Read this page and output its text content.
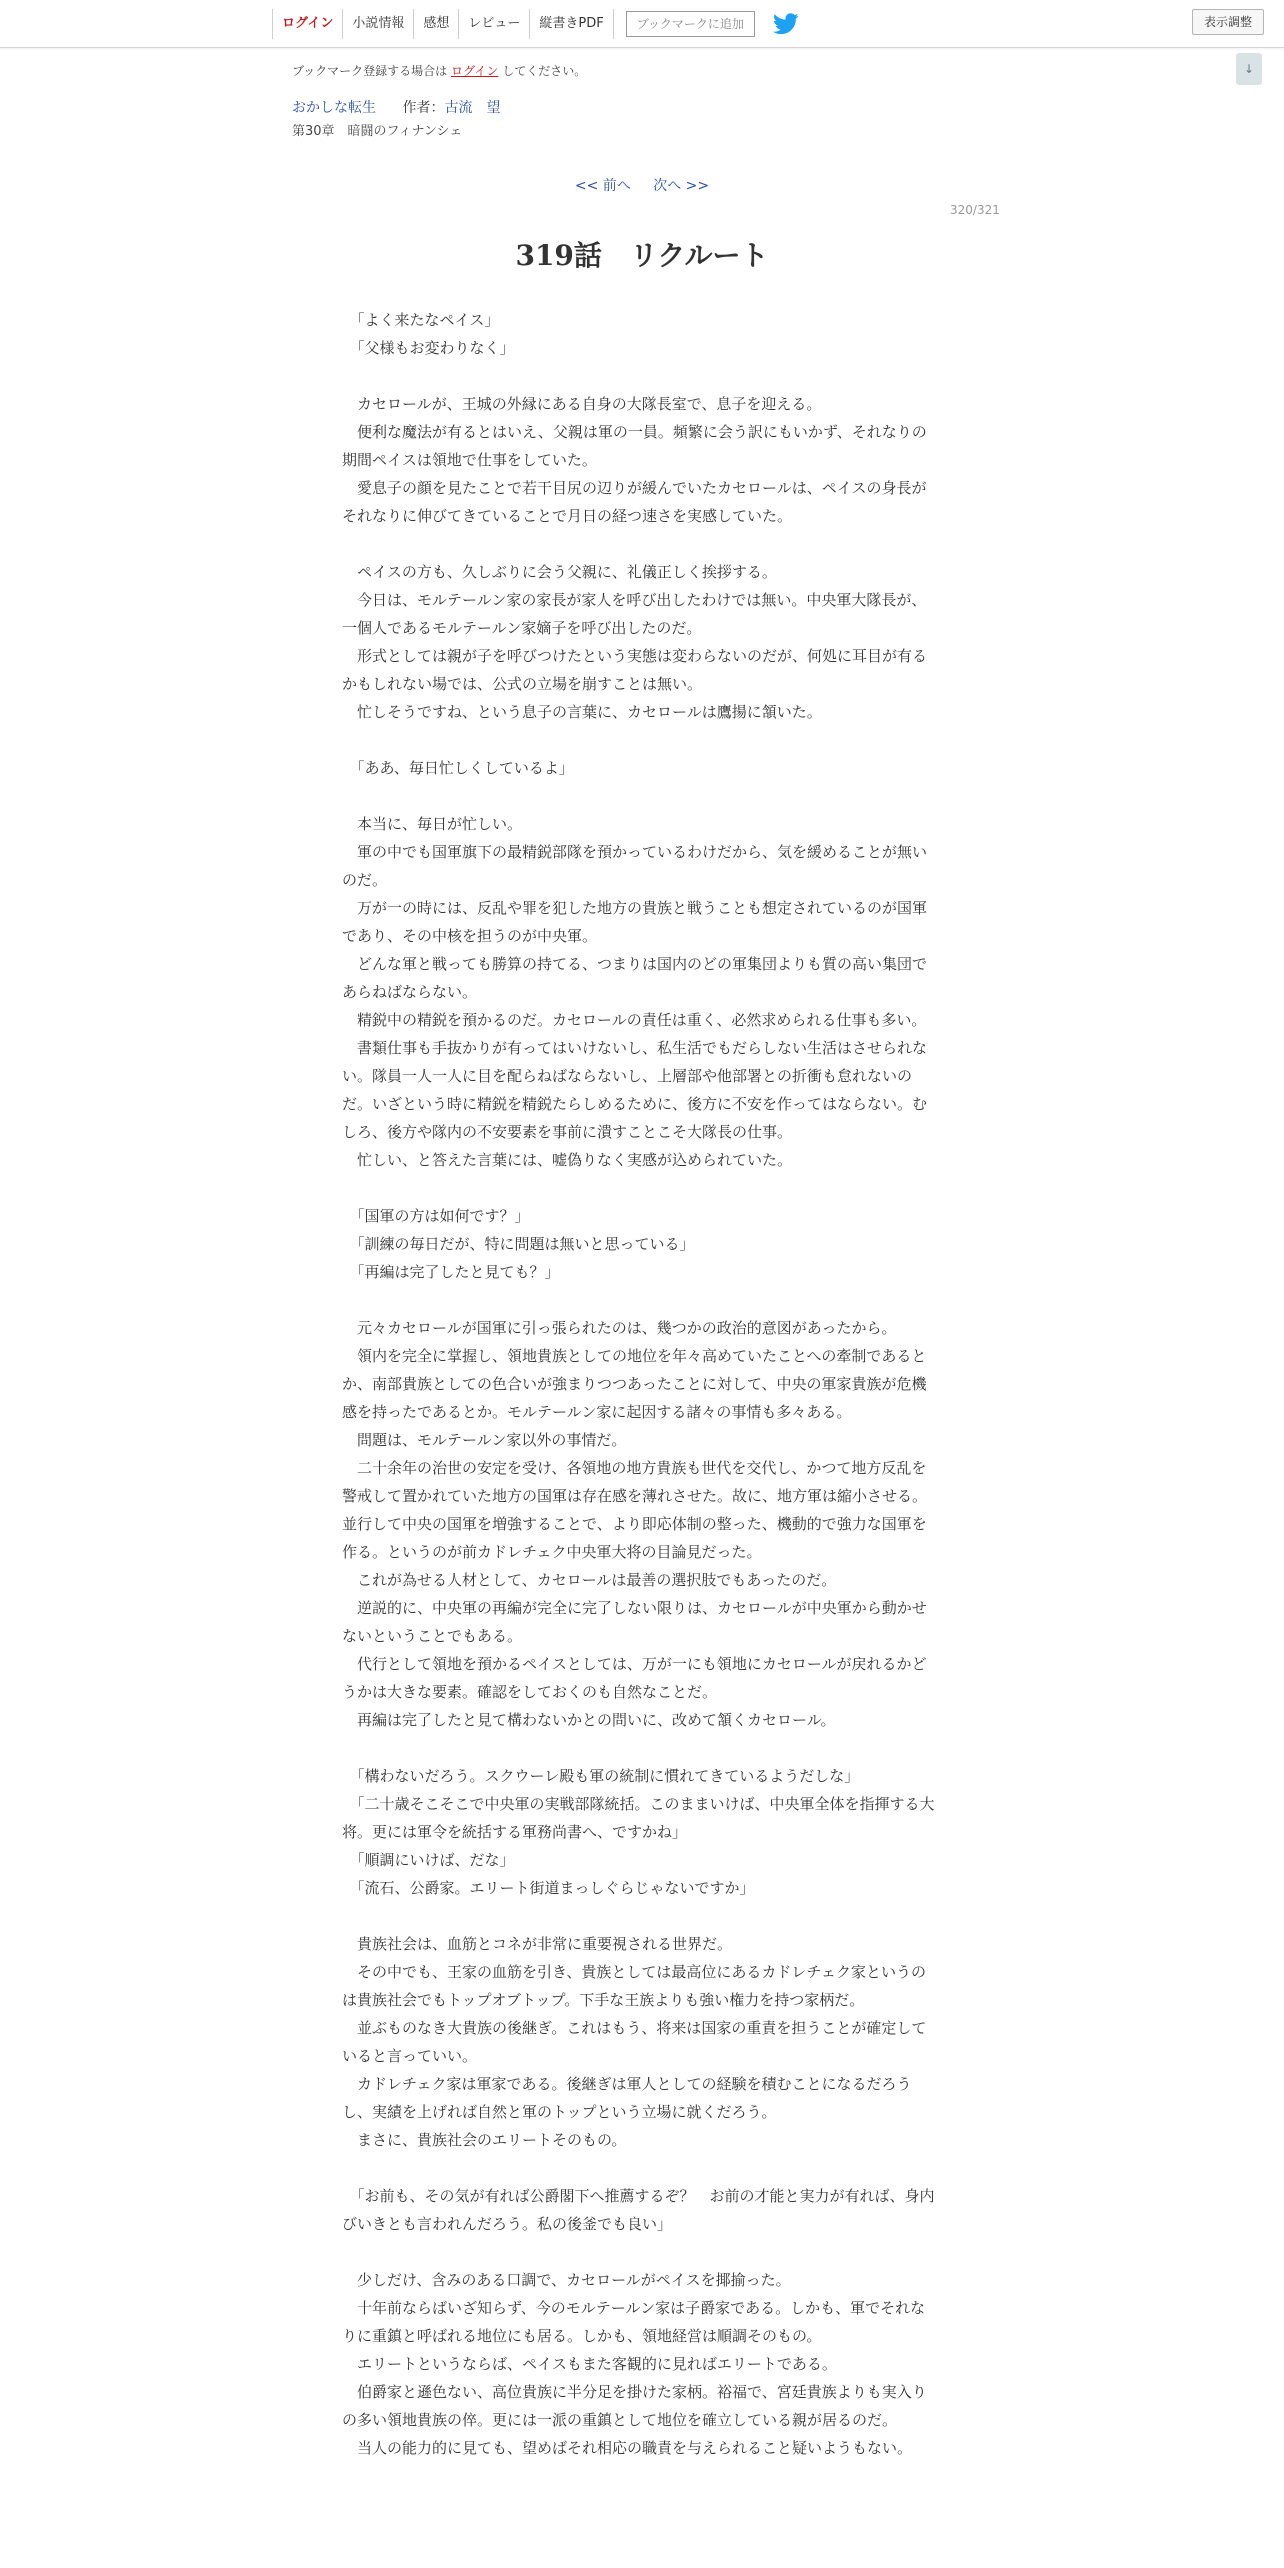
ログイン	小説情報	感想	レビュー	縦書きPDF	ブックマークに追加	表示調整
↓
ブックマーク登録する場合は ログイン してください。
おかしな転生 作者：古流　望
第30章　暗闘のフィナンシェ
<< 前へ 次へ >>
320/321
319話　リクルート

　「よく来たなペイス」

　「父様もお変わりなく」

　カセロールが、王城の外縁にある自身の大隊長室で、息子を迎える。

　便利な魔法が有るとはいえ、父親は軍の一員。頻繁に会う訳にもいかず、それなりの期間ペイスは領地で仕事をしていた。

　愛息子の顔を見たことで若干目尻の辺りが緩んでいたカセロールは、ペイスの身長がそれなりに伸びてきていることで月日の経つ速さを実感していた。

　ペイスの方も、久しぶりに会う父親に、礼儀正しく挨拶する。

　今日は、モルテールン家の家長が家人を呼び出したわけでは無い。中央軍大隊長が、一個人であるモルテールン家嫡子を呼び出したのだ。

　形式としては親が子を呼びつけたという実態は変わらないのだが、何処に耳目が有るかもしれない場では、公式の立場を崩すことは無い。

　忙しそうですね、という息子の言葉に、カセロールは鷹揚に頷いた。

　「ああ、毎日忙しくしているよ」

　本当に、毎日が忙しい。

　軍の中でも国軍旗下の最精鋭部隊を預かっているわけだから、気を緩めることが無いのだ。

　万が一の時には、反乱や罪を犯した地方の貴族と戦うことも想定されているのが国軍であり、その中核を担うのが中央軍。

　どんな軍と戦っても勝算の持てる、つまりは国内のどの軍集団よりも質の高い集団であらねばならない。

　精鋭中の精鋭を預かるのだ。カセロールの責任は重く、必然求められる仕事も多い。

　書類仕事も手抜かりが有ってはいけないし、私生活でもだらしない生活はさせられない。隊員一人一人に目を配らねばならないし、上層部や他部署との折衝も怠れないのだ。いざという時に精鋭を精鋭たらしめるために、後方に不安を作ってはならない。むしろ、後方や隊内の不安要素を事前に潰すことこそ大隊長の仕事。

　忙しい、と答えた言葉には、嘘偽りなく実感が込められていた。

　「国軍の方は如何です？」

　「訓練の毎日だが、特に問題は無いと思っている」

　「再編は完了したと見ても？」

　元々カセロールが国軍に引っ張られたのは、幾つかの政治的意図があったから。

　領内を完全に掌握し、領地貴族としての地位を年々高めていたことへの牽制であるとか、南部貴族としての色合いが強まりつつあったことに対して、中央の軍家貴族が危機感を持ったであるとか。モルテールン家に起因する諸々の事情も多々ある。

　問題は、モルテールン家以外の事情だ。

　二十余年の治世の安定を受け、各領地の地方貴族も世代を交代し、かつて地方反乱を警戒して置かれていた地方の国軍は存在感を薄れさせた。故に、地方軍は縮小させる。並行して中央の国軍を増強することで、より即応体制の整った、機動的で強力な国軍を作る。というのが前カドレチェク中央軍大将の目論見だった。

　これが為せる人材として、カセロールは最善の選択肢でもあったのだ。

　逆説的に、中央軍の再編が完全に完了しない限りは、カセロールが中央軍から動かせないということでもある。

　代行として領地を預かるペイスとしては、万が一にも領地にカセロールが戻れるかどうかは大きな要素。確認をしておくのも自然なことだ。

　再編は完了したと見て構わないかとの問いに、改めて頷くカセロール。

　「構わないだろう。スクウーレ殿も軍の統制に慣れてきているようだしな」

　「二十歳そこそこで中央軍の実戦部隊統括。このままいけば、中央軍全体を指揮する大将。更には軍令を統括する軍務尚書へ、ですかね」

　「順調にいけば、だな」

　「流石、公爵家。エリート街道まっしぐらじゃないですか」

　貴族社会は、血筋とコネが非常に重要視される世界だ。

　その中でも、王家の血筋を引き、貴族としては最高位にあるカドレチェク家というのは貴族社会でもトップオブトップ。下手な王族よりも強い権力を持つ家柄だ。

　並ぶものなき大貴族の後継ぎ。これはもう、将来は国家の重責を担うことが確定していると言っていい。

　カドレチェク家は軍家である。後継ぎは軍人としての経験を積むことになるだろうし、実績を上げれば自然と軍のトップという立場に就くだろう。

　まさに、貴族社会のエリートそのもの。

　「お前も、その気が有れば公爵閣下へ推薦するぞ？　お前の才能と実力が有れば、身内びいきとも言われんだろう。私の後釜でも良い」

　少しだけ、含みのある口調で、カセロールがペイスを揶揄った。

　十年前ならばいざ知らず、今のモルテールン家は子爵家である。しかも、軍でそれなりに重鎮と呼ばれる地位にも居る。しかも、領地経営は順調そのもの。

　エリートというならば、ペイスもまた客観的に見ればエリートである。

　伯爵家と遜色ない、高位貴族に半分足を掛けた家柄。裕福で、宮廷貴族よりも実入りの多い領地貴族の倅。更には一派の重鎮として地位を確立している親が居るのだ。

　当人の能力的に見ても、望めばそれ相応の職責を与えられること疑いようもない。
